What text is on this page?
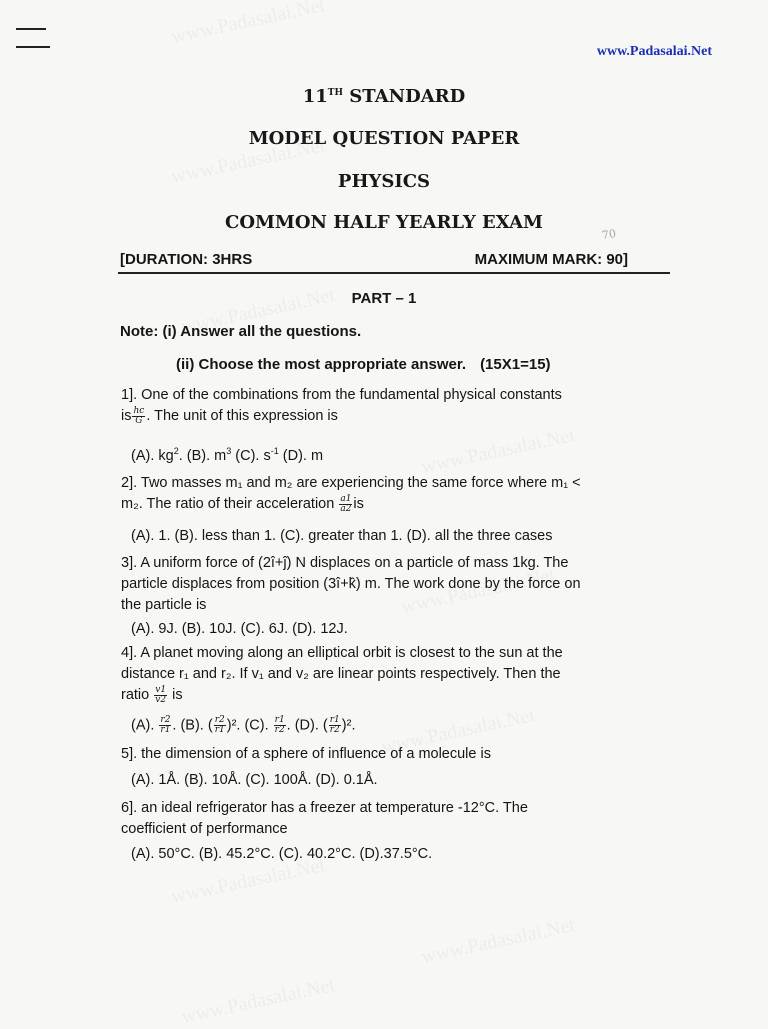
www.Padasalai.Net
11TH STANDARD
MODEL QUESTION PAPER
PHYSICS
COMMON HALF YEARLY EXAM
70
[DURATION: 3HRS	MAXIMUM MARK: 90]
PART – 1
Note: (i) Answer all the questions.
(ii) Choose the most appropriate answer. (15X1=15)
1]. One of the combinations from the fundamental physical constants
is $\frac{hc}{G}$ . The unit of this expression is
(A). $kg^2$. (B). $m^3$ (C). $s^{-1}$ (D). m
2]. Two masses m₁ and m₂ are experiencing the same force where m₁ <
m₂. The ratio of their acceleration $\frac{a1}{a2}$ is
(A). 1. (B). less than 1. (C). greater than 1. (D). all the three cases
3]. A uniform force of (2î+ĵ) N displaces on a particle of mass 1kg. The
particle displaces from position (3î+k̂) m. The work done by the force on
the particle is
(A). 9J. (B). 10J. (C). 6J. (D). 12J.
4]. A planet moving along an elliptical orbit is closest to the sun at the
distance r₁ and r₂. If v₁ and v₂ are linear points respectively. Then the
ratio $\frac{v1}{v2}$ is
(A). $\frac{r2}{r1}$ . (B). ( $\frac{r2}{r1} )^2$. (C). $\frac{r1}{r2}$ . (D). ( $\frac{r1}{r2} )^2$.
5]. the dimension of a sphere of influence of a molecule is
(A). 1Å. (B). 10Å. (C). 100Å. (D). 0.1Å.
6]. an ideal refrigerator has a freezer at temperature -12°C. The
coefficient of performance
(A). 50°C. (B). 45.2°C. (C). 40.2°C. (D).37.5°C.
